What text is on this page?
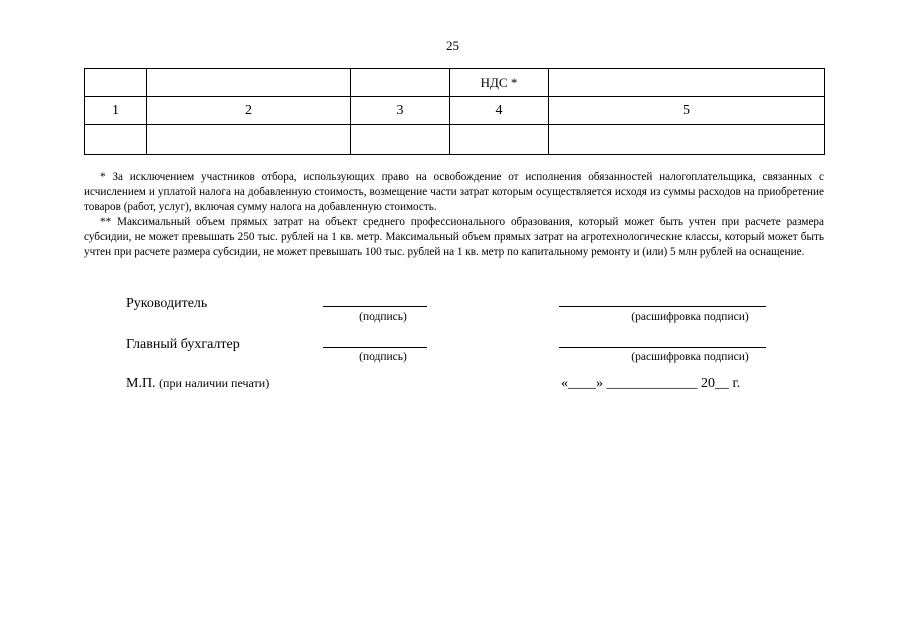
25
			НДС *	
1	2	3	4	5

* За исключением участников отбора, использующих право на освобождение от исполнения обязанностей налогоплательщика, связанных с исчислением и уплатой налога на добавленную стоимость, возмещение части затрат которым осуществляется исходя из суммы расходов на приобретение товаров (работ, услуг), включая сумму налога на добавленную стоимость.

** Максимальный объем прямых затрат на объект среднего профессионального образования, который может быть учтен при расчете размера субсидии, не может превышать 250 тыс. рублей на 1 кв. метр. Максимальный объем прямых затрат на агротехнологические классы, который может быть учтен при расчете размера субсидии, не может превышать 100 тыс. рублей на 1 кв. метр по капитальному ремонту и (или) 5 млн рублей на оснащение.

Руководитель
(подпись)	(расшифровка подписи)
Главный бухгалтер
(подпись)	(расшифровка подписи)
М.П. (при наличии печати)	«____» _____________ 20__ г.
